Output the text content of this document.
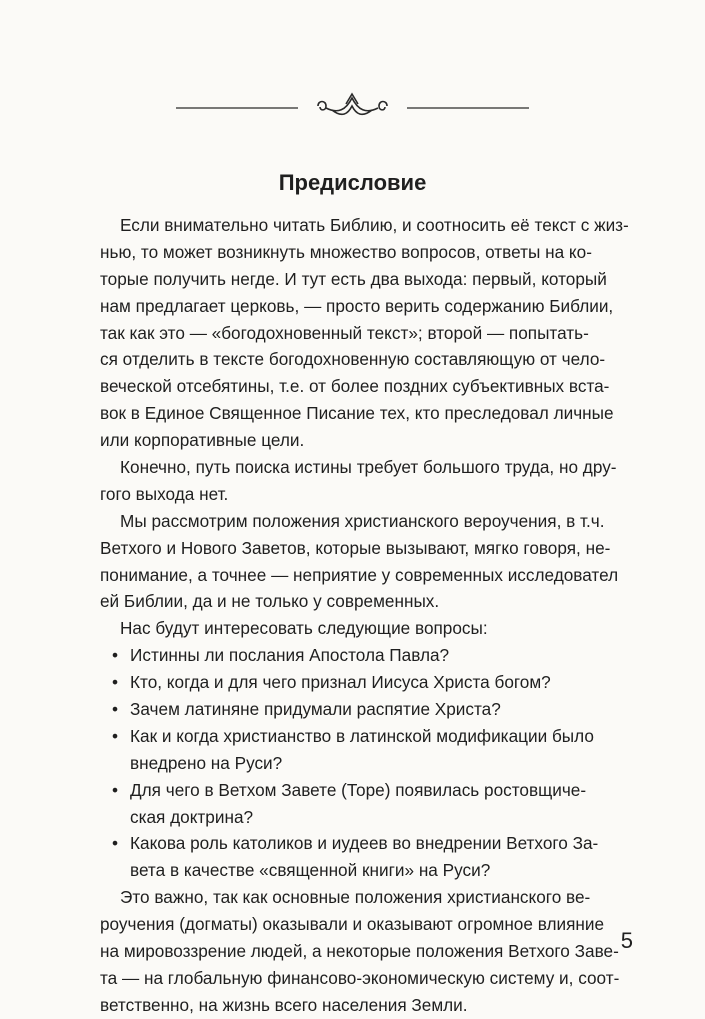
Предисловие
Если внимательно читать Библию, и соотносить её текст с жиз-
нью, то может возникнуть множество вопросов, ответы на ко-
торые получить негде. И тут есть два выхода: первый, который
нам предлагает церковь, — просто верить содержанию Библии,
так как это — «богодохновенный текст»; второй — попытать-
ся отделить в тексте богодохновенную составляющую от чело-
веческой отсебятины, т.е. от более поздних субъективных вста-
вок в Единое Священное Писание тех, кто преследовал личные
или корпоративные цели.
Конечно, путь поиска истины требует большого труда, но дру-
гого выхода нет.
Мы рассмотрим положения христианского вероучения, в т.ч.
Ветхого и Нового Заветов, которые вызывают, мягко говоря, не-
понимание, а точнее — неприятие у современных исследовател
ей Библии, да и не только у современных.
Нас будут интересовать следующие вопросы:
• Истинны ли послания Апостола Павла?
• Кто, когда и для чего признал Иисуса Христа богом?
• Зачем латиняне придумали распятие Христа?
• Как и когда христианство в латинской модификации было
внедрено на Руси?
• Для чего в Ветхом Завете (Торе) появилась ростовщиче-
ская доктрина?
• Какова роль католиков и иудеев во внедрении Ветхого За-
вета в качестве «священной книги» на Руси?
Это важно, так как основные положения христианского ве-
роучения (догматы) оказывали и оказывают огромное влияние
на мировоззрение людей, а некоторые положения Ветхого Заве-
та — на глобальную финансово-экономическую систему и, соот-
ветственно, на жизнь всего населения Земли.
5
